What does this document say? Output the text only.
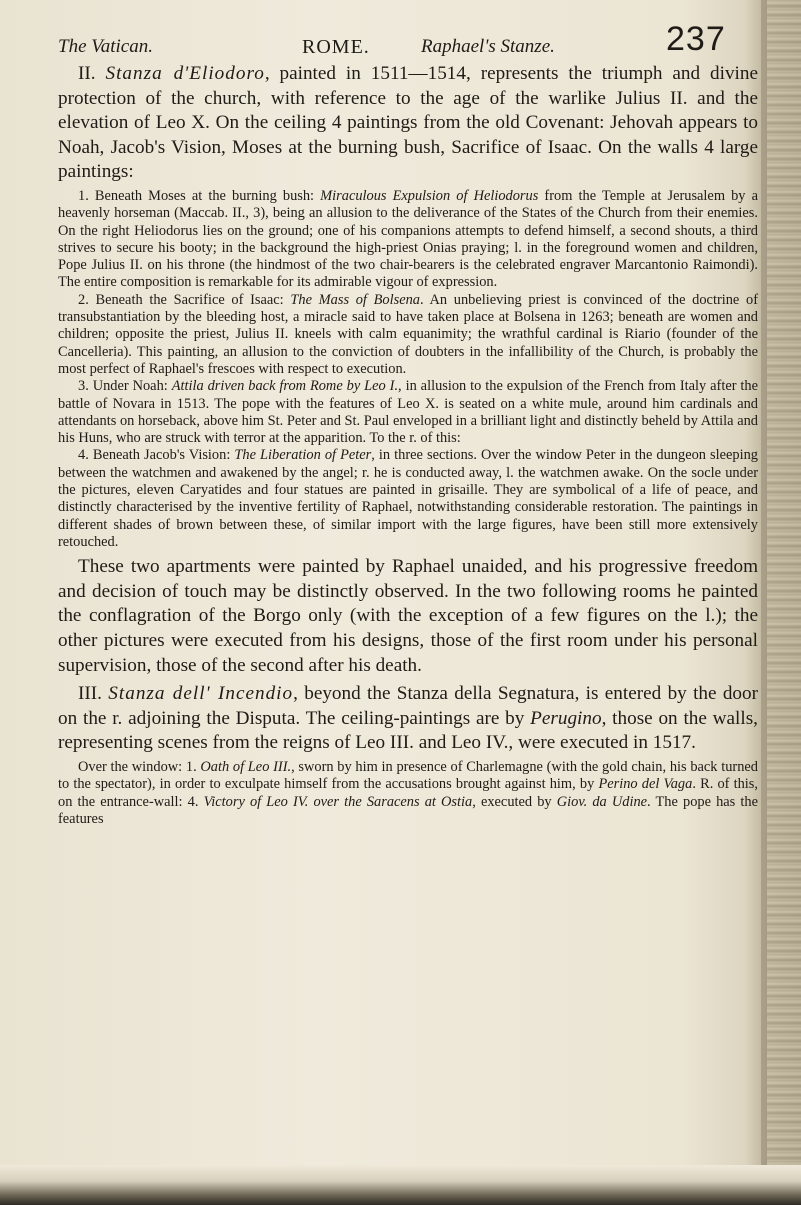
The Vatican.	ROME.	Raphael's Stanze.	237

II. Stanza d'Eliodoro, painted in 1511—1514, represents the triumph and divine protection of the church, with reference to the age of the warlike Julius II. and the elevation of Leo X. On the ceiling 4 paintings from the old Covenant: Jehovah appears to Noah, Jacob's Vision, Moses at the burning bush, Sacrifice of Isaac. On the walls 4 large paintings:

1. Beneath Moses at the burning bush: Miraculous Expulsion of Heliodorus from the Temple at Jerusalem by a heavenly horseman (Maccab. II., 3), being an allusion to the deliverance of the States of the Church from their enemies. On the right Heliodorus lies on the ground; one of his companions attempts to defend himself, a second shouts, a third strives to secure his booty; in the background the high-priest Onias praying; l. in the foreground women and children, Pope Julius II. on his throne (the hindmost of the two chair-bearers is the celebrated engraver Marcantonio Raimondi). The entire composition is remarkable for its admirable vigour of expression.

2. Beneath the Sacrifice of Isaac: The Mass of Bolsena. An unbelieving priest is convinced of the doctrine of transubstantiation by the bleeding host, a miracle said to have taken place at Bolsena in 1263; beneath are women and children; opposite the priest, Julius II. kneels with calm equanimity; the wrathful cardinal is Riario (founder of the Cancelleria). This painting, an allusion to the conviction of doubters in the infallibility of the Church, is probably the most perfect of Raphael's frescoes with respect to execution.

3. Under Noah: Attila driven back from Rome by Leo I., in allusion to the expulsion of the French from Italy after the battle of Novara in 1513. The pope with the features of Leo X. is seated on a white mule, around him cardinals and attendants on horseback, above him St. Peter and St. Paul enveloped in a brilliant light and distinctly beheld by Attila and his Huns, who are struck with terror at the apparition. To the r. of this:

4. Beneath Jacob's Vision: The Liberation of Peter, in three sections. Over the window Peter in the dungeon sleeping between the watchmen and awakened by the angel; r. he is conducted away, l. the watchmen awake. On the socle under the pictures, eleven Caryatides and four statues are painted in grisaille. They are symbolical of a life of peace, and distinctly characterised by the inventive fertility of Raphael, notwithstanding considerable restoration. The paintings in different shades of brown between these, of similar import with the large figures, have been still more extensively retouched.

These two apartments were painted by Raphael unaided, and his progressive freedom and decision of touch may be distinctly observed. In the two following rooms he painted the conflagration of the Borgo only (with the exception of a few figures on the l.); the other pictures were executed from his designs, those of the first room under his personal supervision, those of the second after his death.

III. Stanza dell' Incendio, beyond the Stanza della Segnatura, is entered by the door on the r. adjoining the Disputa. The ceiling-paintings are by Perugino, those on the walls, representing scenes from the reigns of Leo III. and Leo IV., were executed in 1517.

Over the window: 1. Oath of Leo III., sworn by him in presence of Charlemagne (with the gold chain, his back turned to the spectator), in order to exculpate himself from the accusations brought against him, by Perino del Vaga. R. of this, on the entrance-wall: 4. Victory of Leo IV. over the Saracens at Ostia, executed by Giov. da Udine. The pope has the features
